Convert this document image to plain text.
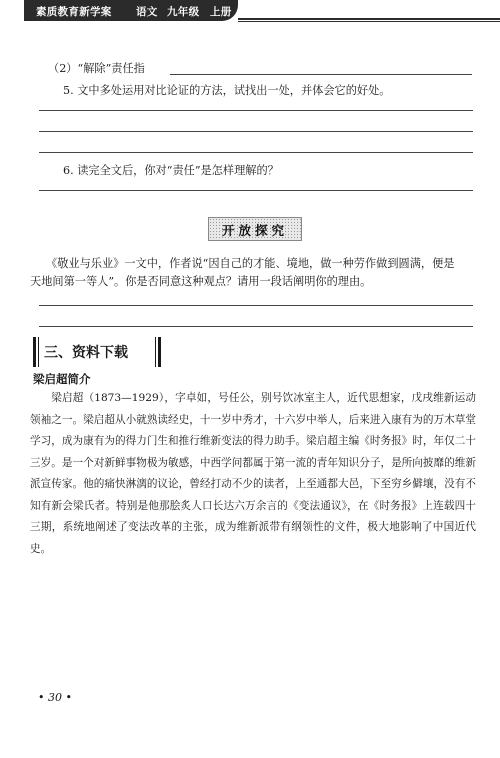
素质教育新学案 语文 九年级 上册
（2）“解除”责任指
5. 文中多处运用对比论证的方法，试找出一处，并体会它的好处。
6. 读完全文后，你对“责任”是怎样理解的？
开放探究
《敬业与乐业》一文中，作者说“因自己的才能、境地，做一种劳作做到圆满，便是
天地间第一等人”。你是否同意这种观点？请用一段话阐明你的理由。
三、资料下载
梁启超简介
梁启超（1873—1929），字卓如，号任公，别号饮冰室主人，近代思想家，戊戌维新运动领袖之一。梁启超从小就熟读经史，十一岁中秀才，十六岁中举人，后来进入康有为的万木草堂学习，成为康有为的得力门生和推行维新变法的得力助手。梁启超主编《时务报》时，年仅二十三岁。是一个对新鲜事物极为敏感，中西学问都属于第一流的青年知识分子，是所向披靡的维新派宣传家。他的痛快淋漓的议论，曾经打动不少的读者，上至通都大邑，下至穷乡僻壤，没有不知有新会梁氏者。特别是他那脍炙人口长达六万余言的《变法通议》，在《时务报》上连载四十三期，系统地阐述了变法改革的主张，成为维新派带有纲领性的文件，极大地影响了中国近代史。
• 30 •
